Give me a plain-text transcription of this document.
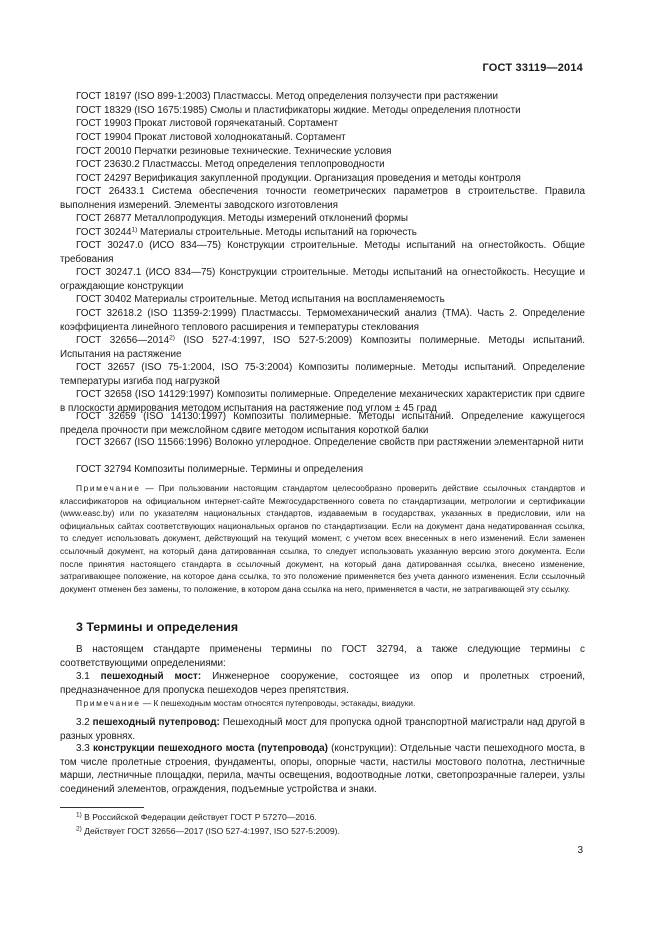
ГОСТ 33119—2014
ГОСТ 18197 (ISO 899-1:2003) Пластмассы. Метод определения ползучести при растяжении
ГОСТ 18329 (ISO 1675:1985) Смолы и пластификаторы жидкие. Методы определения плотности
ГОСТ 19903 Прокат листовой горячекатаный. Сортамент
ГОСТ 19904 Прокат листовой холоднокатаный. Сортамент
ГОСТ 20010 Перчатки резиновые технические. Технические условия
ГОСТ 23630.2 Пластмассы. Метод определения теплопроводности
ГОСТ 24297 Верификация закупленной продукции. Организация проведения и методы контроля
ГОСТ 26433.1 Система обеспечения точности геометрических параметров в строительстве. Правила выполнения измерений. Элементы заводского изготовления
ГОСТ 26877 Металлопродукция. Методы измерений отклонений формы
ГОСТ 30244$^{1)}$ Материалы строительные. Методы испытаний на горючесть
ГОСТ 30247.0 (ИСО 834—75) Конструкции строительные. Методы испытаний на огнестойкость. Общие требования
ГОСТ 30247.1 (ИСО 834—75) Конструкции строительные. Методы испытаний на огнестойкость. Несущие и ограждающие конструкции
ГОСТ 30402 Материалы строительные. Метод испытания на воспламеняемость
ГОСТ 32618.2 (ISO 11359-2:1999) Пластмассы. Термомеханический анализ (ТМА). Часть 2. Определение коэффициента линейного теплового расширения и температуры стеклования
ГОСТ 32656—2014$^{2)}$ (ISO 527-4:1997, ISO 527-5:2009) Композиты полимерные. Методы испытаний. Испытания на растяжение
ГОСТ 32657 (ISO 75-1:2004, ISO 75-3:2004) Композиты полимерные. Методы испытаний. Определение температуры изгиба под нагрузкой
ГОСТ 32658 (ISO 14129:1997) Композиты полимерные. Определение механических характеристик при сдвиге в плоскости армирования методом испытания на растяжение под углом ± 45 град
ГОСТ 32659 (ISO 14130:1997) Композиты полимерные. Методы испытаний. Определение кажущегося предела прочности при межслойном сдвиге методом испытания короткой балки
ГОСТ 32667 (ISO 11566:1996) Волокно углеродное. Определение свойств при растяжении элементарной нити
ГОСТ 32794 Композиты полимерные. Термины и определения
Примечание — При пользовании настоящим стандартом целесообразно проверить действие ссылочных стандартов и классификаторов на официальном интернет-сайте Межгосударственного совета по стандартизации, метрологии и сертификации (www.easc.by) или по указателям национальных стандартов, издаваемым в государствах, указанных в предисловии, или на официальных сайтах соответствующих национальных органов по стандартизации. Если на документ дана недатированная ссылка, то следует использовать документ, действующий на текущий момент, с учетом всех внесенных в него изменений. Если заменен ссылочный документ, на который дана датированная ссылка, то следует использовать указанную версию этого документа. Если после принятия настоящего стандарта в ссылочный документ, на который дана датированная ссылка, внесено изменение, затрагивающее положение, на которое дана ссылка, то это положение применяется без учета данного изменения. Если ссылочный документ отменен без замены, то положение, в котором дана ссылка на него, применяется в части, не затрагивающей эту ссылку.
3 Термины и определения
В настоящем стандарте применены термины по ГОСТ 32794, а также следующие термины с соответствующими определениями:
3.1 пешеходный мост: Инженерное сооружение, состоящее из опор и пролетных строений, предназначенное для пропуска пешеходов через препятствия.
Примечание — К пешеходным мостам относятся путепроводы, эстакады, виадуки.
3.2 пешеходный путепровод: Пешеходный мост для пропуска одной транспортной магистрали над другой в разных уровнях.
3.3 конструкции пешеходного моста (путепровода) (конструкции): Отдельные части пешеходного моста, в том числе пролетные строения, фундаменты, опоры, опорные части, настилы мостового полотна, лестничные марши, лестничные площадки, перила, мачты освещения, водоотводные лотки, светопрозрачные галереи, узлы соединений элементов, ограждения, подъемные устройства и знаки.
$^{1)}$ В Российской Федерации действует ГОСТ Р 57270—2016.
$^{2)}$ Действует ГОСТ 32656—2017 (ISO 527-4:1997, ISO 527-5:2009).
3
